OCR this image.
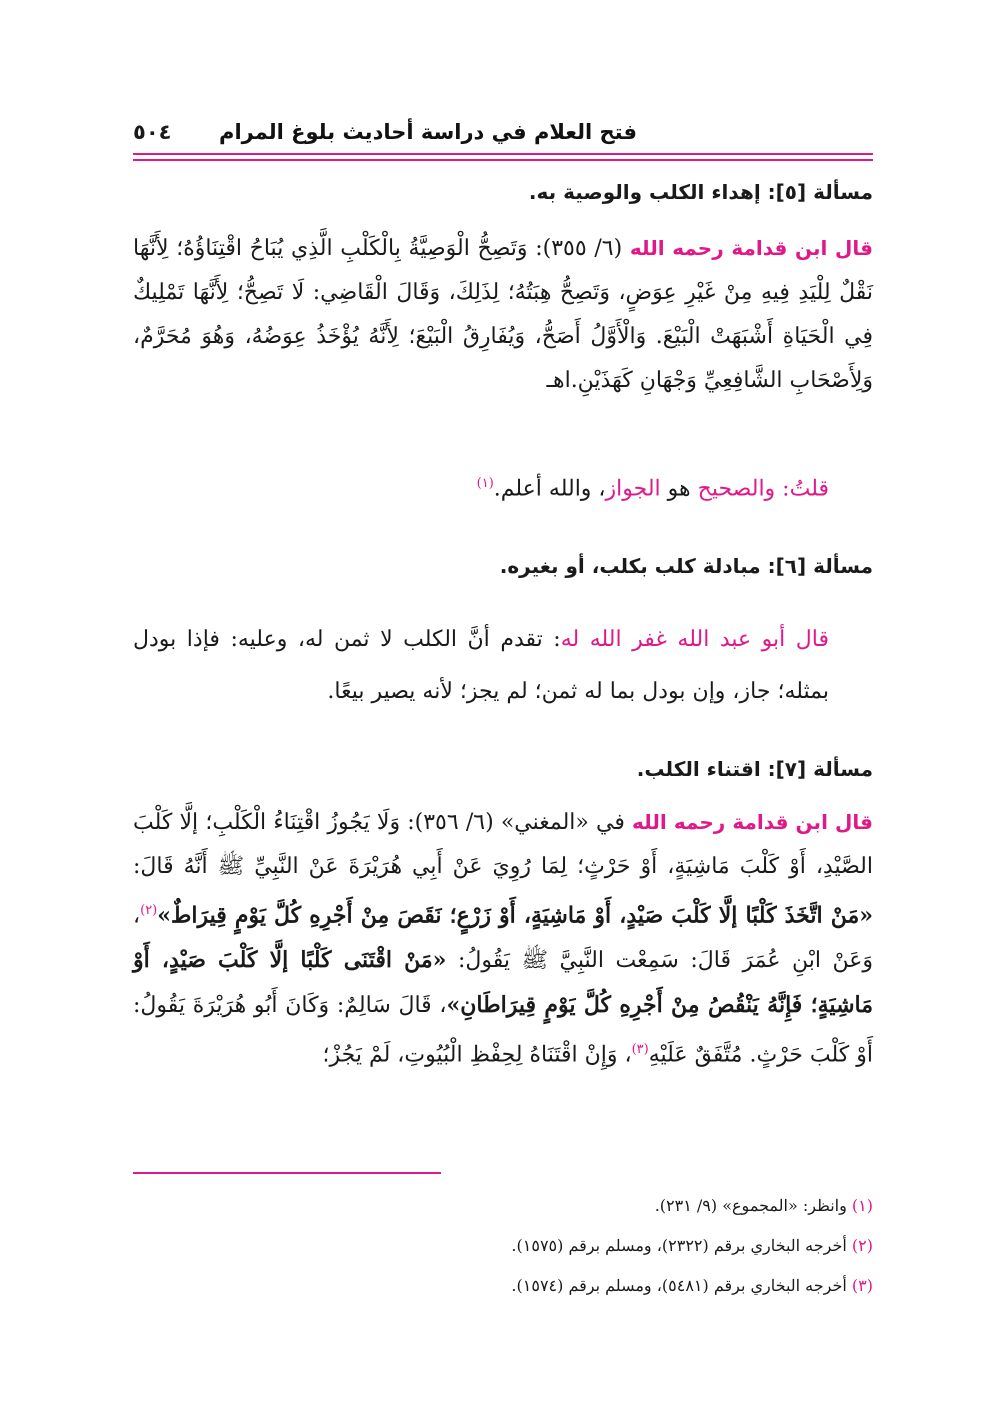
فتح العلام في دراسة أحاديث بلوغ المرام
٥٠٤
مسألة [٥]: إهداء الكلب والوصية به.
قال ابن قدامة رحمه الله (٦/ ٣٥٥): وَتَصِحُّ الْوَصِيَّةُ بِالْكَلْبِ الَّذِي يُبَاحُ اقْتِنَاؤُهُ؛ لِأَنَّهَا نَقْلٌ لِلْيَدِ فِيهِ مِنْ غَيْرِ عِوَضٍ، وَتَصِحُّ هِبَتُهُ؛ لِذَلِكَ، وَقَالَ الْقَاضِي: لَا تَصِحُّ؛ لِأَنَّهَا تَمْلِيكٌ فِي الْحَيَاةِ أَشْبَهَتْ الْبَيْعَ. وَالْأَوَّلُ أَصَحُّ، وَيُفَارِقُ الْبَيْعَ؛ لِأَنَّهُ يُؤْخَذُ عِوَضُهُ، وَهُوَ مُحَرَّمٌ، وَلِأَصْحَابِ الشَّافِعِيِّ وَجْهَانِ كَهَذَيْنِ.اهـ
قلتُ: والصحيح هو الجواز، والله أعلم.$^{(١)}$
مسألة [٦]: مبادلة كلب بكلب، أو بغيره.
قال أبو عبد الله غفر الله له: تقدم أنَّ الكلب لا ثمن له، وعليه: فإذا بودل بمثله؛ جاز، وإن بودل بما له ثمن؛ لم يجز؛ لأنه يصير بيعًا.
مسألة [٧]: اقتناء الكلب.
قال ابن قدامة رحمه الله في «المغني» (٦/ ٣٥٦): وَلَا يَجُوزُ اقْتِنَاءُ الْكَلْبِ؛ إلَّا كَلْبَ الصَّيْدِ، أَوْ كَلْبَ مَاشِيَةٍ، أَوْ حَرْثٍ؛ لِمَا رُوِيَ عَنْ أَبِي هُرَيْرَةَ عَنْ النَّبِيِّ ﷺ أَنَّهُ قَالَ: «مَنْ اتَّخَذَ كَلْبًا إلَّا كَلْبَ صَيْدٍ، أَوْ مَاشِيَةٍ، أَوْ زَرْعٍ؛ نَقَصَ مِنْ أَجْرِهِ كُلَّ يَوْمٍ قِيرَاطٌ»$^{(٢)}$، وَعَنْ ابْنِ عُمَرَ قَالَ: سَمِعْت النَّبِيَّ ﷺ يَقُولُ: «مَنْ اقْتَنَى كَلْبًا إلَّا كَلْبَ صَيْدٍ، أَوْ مَاشِيَةٍ؛ فَإِنَّهُ يَنْقُصُ مِنْ أَجْرِهِ كُلَّ يَوْمٍ قِيرَاطَانِ»، قَالَ سَالِمٌ: وَكَانَ أَبُو هُرَيْرَةَ يَقُولُ: أَوْ كَلْبَ حَرْثٍ. مُتَّفَقٌ عَلَيْهِ$^{(٣)}$، وَإِنْ اقْتَنَاهُ لِحِفْظِ الْبُيُوتِ، لَمْ يَجُزْ؛
(١) وانظر: «المجموع» (٩/ ٢٣١).
(٢) أخرجه البخاري برقم (٢٣٢٢)، ومسلم برقم (١٥٧٥).
(٣) أخرجه البخاري برقم (٥٤٨١)، ومسلم برقم (١٥٧٤).
